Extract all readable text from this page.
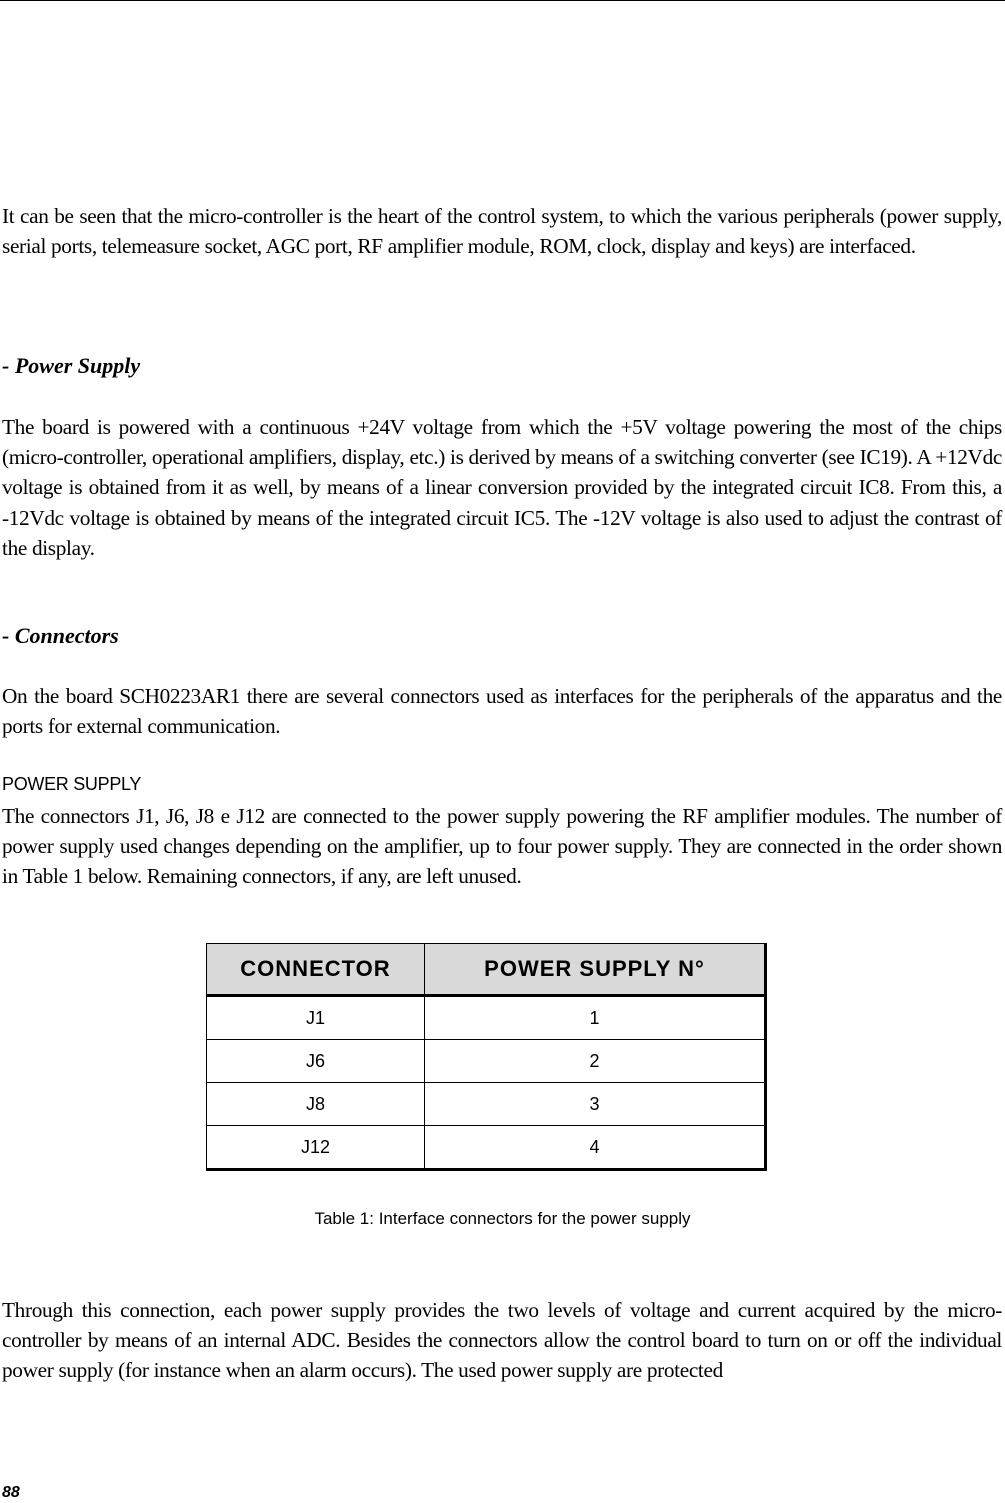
It can be seen that the micro-controller is the heart of the control system, to which the various peripherals (power supply, serial ports, telemeasure socket, AGC port, RF amplifier module, ROM, clock, display and keys) are interfaced.

- Power Supply

The board is powered with a continuous +24V voltage from which the +5V voltage powering the most of the chips (micro-controller, operational amplifiers, display, etc.) is derived by means of a switching converter (see IC19). A +12Vdc voltage is obtained from it as well, by means of a linear conversion provided by the integrated circuit IC8. From this, a -12Vdc voltage is obtained by means of the integrated circuit IC5. The -12V voltage is also used to adjust the contrast of the display.

- Connectors

On the board SCH0223AR1 there are several connectors used as interfaces for the peripherals of the apparatus and the ports for external communication.

POWER SUPPLY

The connectors J1, J6, J8 e J12 are connected to the power supply powering the RF amplifier modules. The number of power supply used changes depending on the amplifier, up to four power supply. They are connected in the order shown in Table 1 below. Remaining connectors, if any, are left unused.

CONNECTOR	POWER SUPPLY N°
J1	1
J6	2
J8	3
J12	4

Table 1: Interface connectors for the power supply

Through this connection, each power supply provides the two levels of voltage and current acquired by the micro-controller by means of an internal ADC. Besides the connectors allow the control board to turn on or off the individual power supply (for instance when an alarm occurs). The used power supply are protected

88
